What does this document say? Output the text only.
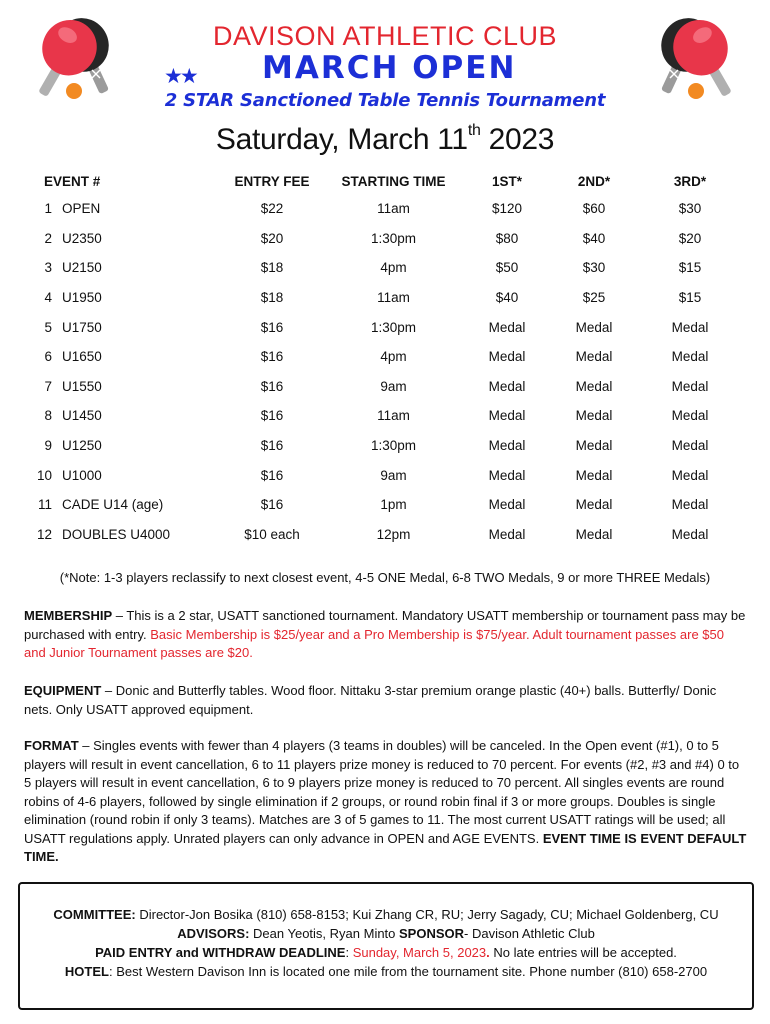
DAVISON ATHLETIC CLUB
★★ MARCH OPEN
2 STAR Sanctioned Table Tennis Tournament
Saturday, March 11th 2023
EVENT #		ENTRY FEE	STARTING TIME	1ST*	2ND*	3RD*

1	OPEN	$22	11am	$120	$60	$30
2	U2350	$20	1:30pm	$80	$40	$20
3	U2150	$18	4pm	$50	$30	$15
4	U1950	$18	11am	$40	$25	$15
5	U1750	$16	1:30pm	Medal	Medal	Medal
6	U1650	$16	4pm	Medal	Medal	Medal
7	U1550	$16	9am	Medal	Medal	Medal
8	U1450	$16	11am	Medal	Medal	Medal
9	U1250	$16	1:30pm	Medal	Medal	Medal
10	U1000	$16	9am	Medal	Medal	Medal
11	CADE U14 (age)	$16	1pm	Medal	Medal	Medal
12	DOUBLES U4000	$10 each	12pm	Medal	Medal	Medal
(*Note: 1-3 players reclassify to next closest event, 4-5 ONE Medal, 6-8 TWO Medals, 9 or more THREE Medals)
MEMBERSHIP – This is a 2 star, USATT sanctioned tournament. Mandatory USATT membership or tournament pass may be purchased with entry. Basic Membership is $25/year and a Pro Membership is $75/year. Adult tournament passes are $50 and Junior Tournament passes are $20.
EQUIPMENT – Donic and Butterfly tables. Wood floor. Nittaku 3-star premium orange plastic (40+) balls. Butterfly/ Donic nets. Only USATT approved equipment.
FORMAT – Singles events with fewer than 4 players (3 teams in doubles) will be canceled. In the Open event (#1), 0 to 5 players will result in event cancellation, 6 to 11 players prize money is reduced to 70 percent. For events (#2, #3 and #4) 0 to 5 players will result in event cancellation, 6 to 9 players prize money is reduced to 70 percent. All singles events are round robins of 4-6 players, followed by single elimination if 2 groups, or round robin final if 3 or more groups. Doubles is single elimination (round robin if only 3 teams). Matches are 3 of 5 games to 11. The most current USATT ratings will be used; all USATT regulations apply. Unrated players can only advance in OPEN and AGE EVENTS. EVENT TIME IS EVENT DEFAULT TIME.
COMMITTEE: Director-Jon Bosika (810) 658-8153; Kui Zhang CR, RU; Jerry Sagady, CU; Michael Goldenberg, CU
ADVISORS: Dean Yeotis, Ryan Minto SPONSOR- Davison Athletic Club
PAID ENTRY and WITHDRAW DEADLINE: Sunday, March 5, 2023. No late entries will be accepted.
HOTEL: Best Western Davison Inn is located one mile from the tournament site. Phone number (810) 658-2700
